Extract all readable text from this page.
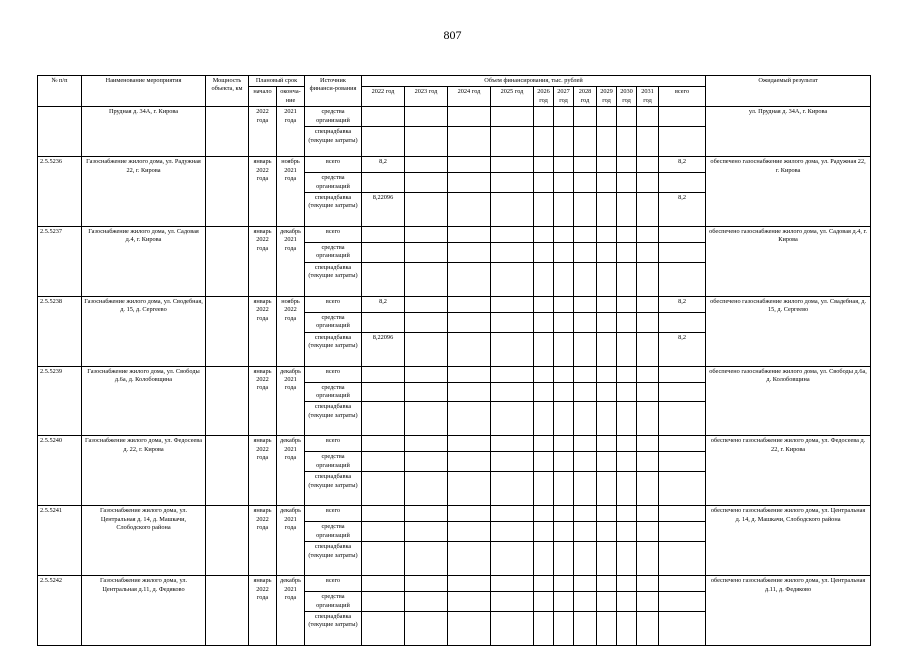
807
№ п/п	Наименование мероприятия	Мощность объекта, км	Плановый срок		Источник финанси-рования	Объем финансирования, тыс. рублей											Ожидаемый результат
			начало	оконча-ние		2022 год	2023 год	2024 год	2025 год	2026 год	2027 год	2028 год	2029 год	2030 год	2031 год	всего	
	Прудная д. 34А, г. Кирова		2022 года	2021 года	средства организаций												ул. Прудная д. 34А, г. Кирова
					спецнадбавка (текущие затраты)												
2.5.5236	Газоснабжение жилого дома, ул. Радужная 22, г. Кирова		январь 2022 года	ноябрь 2021 года	всего	8,2										8,2	обеспечено газоснабжение жилого дома, ул. Радужная 22, г. Кирова
					средства организаций												
					спецнадбавка (текущие затраты)	8,22096										8,2	
2.5.5237	Газоснабжение жилого дома, ул. Садовая д.4, г. Кирова		январь 2022 года	декабрь 2021 года	всего												обеспечено газоснабжение жилого дома, ул. Садовая д.4, г. Кирова
					средства организаций												
					спецнадбавка (текущие затраты)												
2.5.5238	Газоснабжение жилого дома, ул. Сводебная, д. 15, д. Сергеево		январь 2022 года	ноябрь 2022 года	всего	8,2										8,2	обеспечено газоснабжение жилого дома, ул. Свадебная, д. 15, д. Сергеево
					средства организаций												
					спецнадбавка (текущие затраты)	8,22096										8,2	
2.5.5239	Газоснабжение жилого дома, ул. Свободы д.6а, д. Колобовщина		январь 2022 года	декабрь 2021 года	всего												обеспечено газоснабжение жилого дома, ул. Свободы д.6а, д. Колобовщина
					средства организаций												
					спецнадбавка (текущие затраты)												
2.5.5240	Газоснабжение жилого дома, ул. Федосеева д. 22, г. Кирова		январь 2022 года	декабрь 2021 года	всего												обеспечено газоснабжение жилого дома, ул. Федосеева д. 22, г. Кирова
					средства организаций												
					спецнадбавка (текущие затраты)												
2.5.5241	Газоснабжение жилого дома, ул. Центральная д. 14, д. Машкачи, Слободского района		январь 2022 года	декабрь 2021 года	всего												обеспечено газоснабжение жилого дома, ул. Центральная д. 14, д. Машкачи, Слободского района
					средства организаций												
					спецнадбавка (текущие затраты)												
2.5.5242	Газоснабжение жилого дома, ул. Центральная д.11, д. Федяково		январь 2022 года	декабрь 2021 года	всего												обеспечено газоснабжение жилого дома, ул. Центральная д.11, д. Федяково
					средства организаций												
					спецнадбавка (текущие затраты)												
